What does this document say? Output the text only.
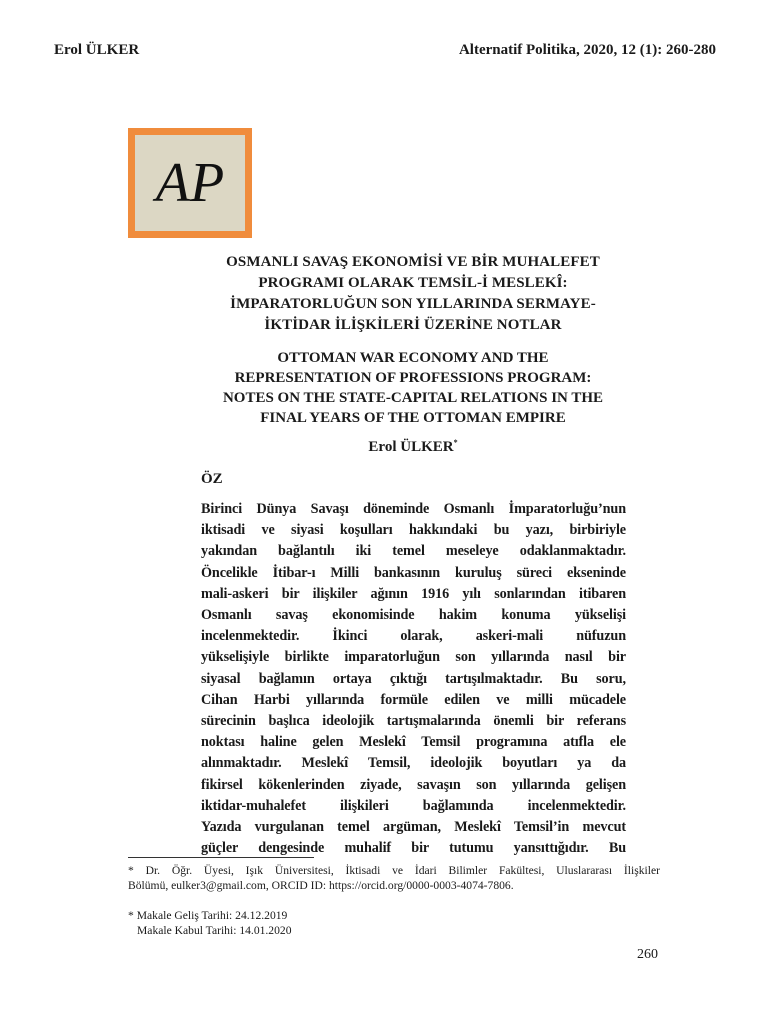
Erol ÜLKER	Alternatif Politika, 2020, 12 (1): 260-280
AP
OSMANLI SAVAŞ EKONOMİSİ VE BİR MUHALEFET
PROGRAMI OLARAK TEMSİL-İ MESLEKÎ:
İMPARATORLUĞUN SON YILLARINDA SERMAYE-
İKTİDAR İLİŞKİLERİ ÜZERİNE NOTLAR
OTTOMAN WAR ECONOMY AND THE
REPRESENTATION OF PROFESSIONS PROGRAM:
NOTES ON THE STATE-CAPITAL RELATIONS IN THE
FINAL YEARS OF THE OTTOMAN EMPIRE
Erol ÜLKER*
ÖZ
Birinci Dünya Savaşı döneminde Osmanlı İmparatorluğu’nun
iktisadi ve siyasi koşulları hakkındaki bu yazı, birbiriyle
yakından bağlantılı iki temel meseleye odaklanmaktadır.
Öncelikle İtibar-ı Milli bankasının kuruluş süreci ekseninde
mali-askeri bir ilişkiler ağının 1916 yılı sonlarından itibaren
Osmanlı savaş ekonomisinde hakim konuma yükselişi
incelenmektedir. İkinci olarak, askeri-mali nüfuzun
yükselişiyle birlikte imparatorluğun son yıllarında nasıl bir
siyasal bağlamın ortaya çıktığı tartışılmaktadır. Bu soru,
Cihan Harbi yıllarında formüle edilen ve milli mücadele
sürecinin başlıca ideolojik tartışmalarında önemli bir referans
noktası haline gelen Meslekî Temsil programına atıfla ele
alınmaktadır. Meslekî Temsil, ideolojik boyutları ya da
fikirsel kökenlerinden ziyade, savaşın son yıllarında gelişen
iktidar-muhalefet ilişkileri bağlamında incelenmektedir.
Yazıda vurgulanan temel argüman, Meslekî Temsil’in mevcut
güçler dengesinde muhalif bir tutumu yansıttığıdır. Bu
* Dr. Öğr. Üyesi, Işık Üniversitesi, İktisadi ve İdari Bilimler Fakültesi, Uluslararası İlişkiler
Bölümü, eulker3@gmail.com, ORCID ID: https://orcid.org/0000-0003-4074-7806.
* Makale Geliş Tarihi: 24.12.2019
Makale Kabul Tarihi: 14.01.2020
260
